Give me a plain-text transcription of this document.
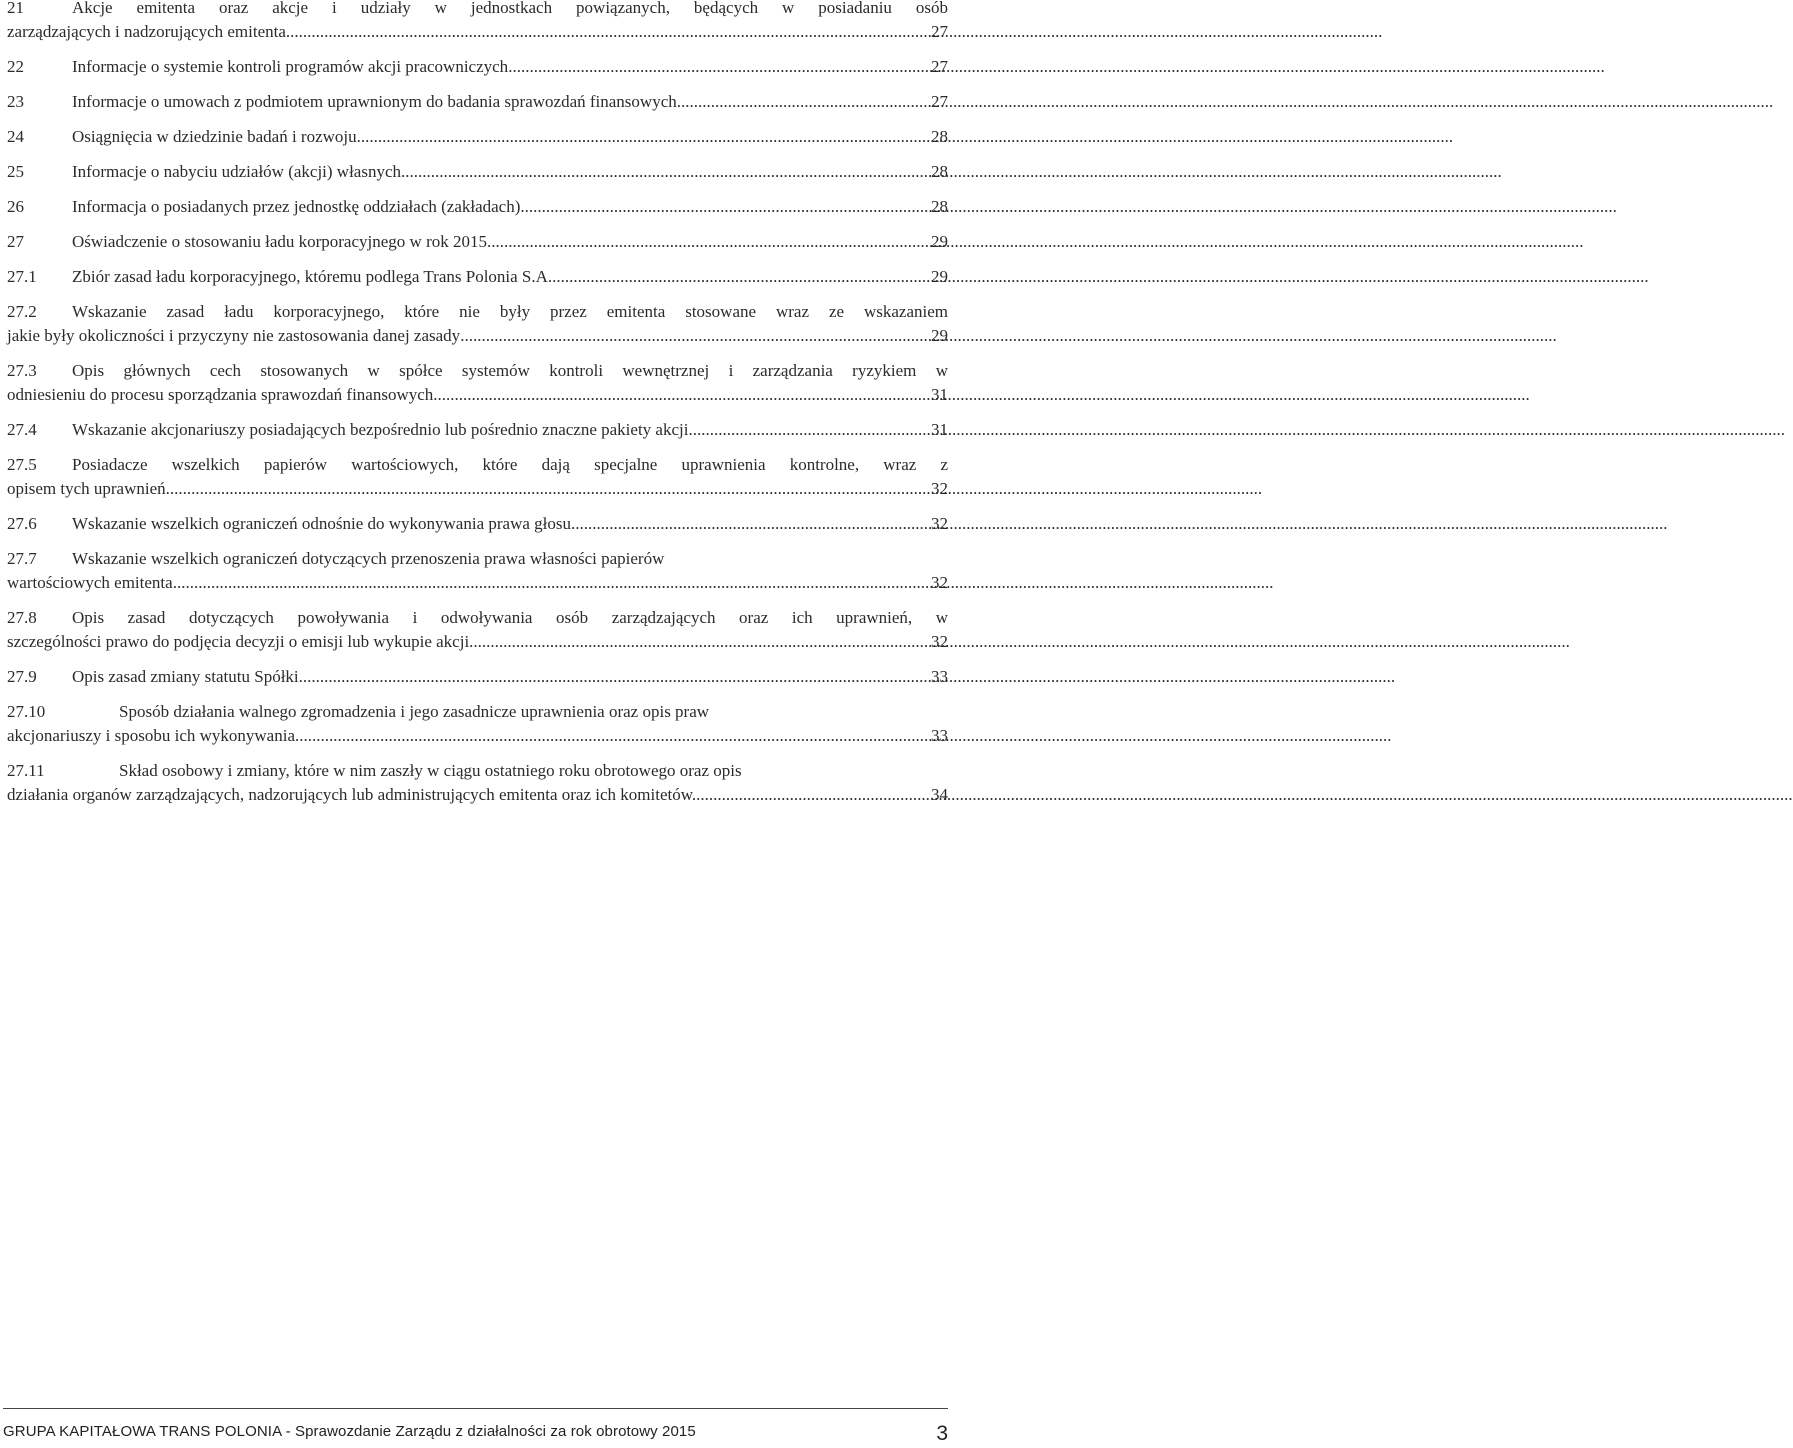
21	Akcje emitenta oraz akcje i udziały w jednostkach powiązanych, będących w posiadaniu osób
zarządzających i nadzorujących emitenta .....	27
22	Informacje o systemie kontroli programów akcji pracowniczych .....	27
23	Informacje o umowach z podmiotem uprawnionym do badania sprawozdań finansowych .....	27
24	Osiągnięcia w dziedzinie badań i rozwoju .....	28
25	Informacje o nabyciu udziałów (akcji) własnych. .....	28
26	Informacja o posiadanych przez jednostkę oddziałach (zakładach) .....	28
27	Oświadczenie o stosowaniu ładu korporacyjnego w rok 2015 .....	29
27.1	Zbiór zasad ładu korporacyjnego, któremu podlega Trans Polonia S.A. .....	29
27.2	Wskazanie zasad ładu korporacyjnego, które nie były przez emitenta stosowane wraz ze wskazaniem
jakie były okoliczności i przyczyny nie zastosowania danej zasady .....	29
27.3	Opis głównych cech stosowanych w spółce systemów kontroli wewnętrznej i zarządzania ryzykiem w
odniesieniu do procesu sporządzania sprawozdań finansowych .....	31
27.4	Wskazanie akcjonariuszy posiadających bezpośrednio lub pośrednio znaczne pakiety akcji .....	31
27.5	Posiadacze wszelkich papierów wartościowych, które dają specjalne uprawnienia kontrolne, wraz z
opisem tych uprawnień .....	32
27.6	Wskazanie wszelkich ograniczeń odnośnie do wykonywania prawa głosu .....	32
27.7	Wskazanie wszelkich ograniczeń dotyczących przenoszenia prawa własności papierów
wartościowych emitenta. .....	32
27.8	Opis zasad dotyczących powoływania i odwoływania osób zarządzających oraz ich uprawnień, w
szczególności prawo do podjęcia decyzji o emisji lub wykupie akcji. .....	32
27.9	Opis zasad zmiany statutu Spółki .....	33
27.10	Sposób działania walnego zgromadzenia i jego zasadnicze uprawnienia oraz opis praw
akcjonariuszy i sposobu ich wykonywania .....	33
27.11	Skład osobowy i zmiany, które w nim zaszły w ciągu ostatniego roku obrotowego oraz opis
działania organów zarządzających, nadzorujących lub administrujących emitenta oraz ich komitetów. .....	34
GRUPA KAPITAŁOWA TRANS POLONIA - Sprawozdanie Zarządu z działalności za rok obrotowy 2015	3
